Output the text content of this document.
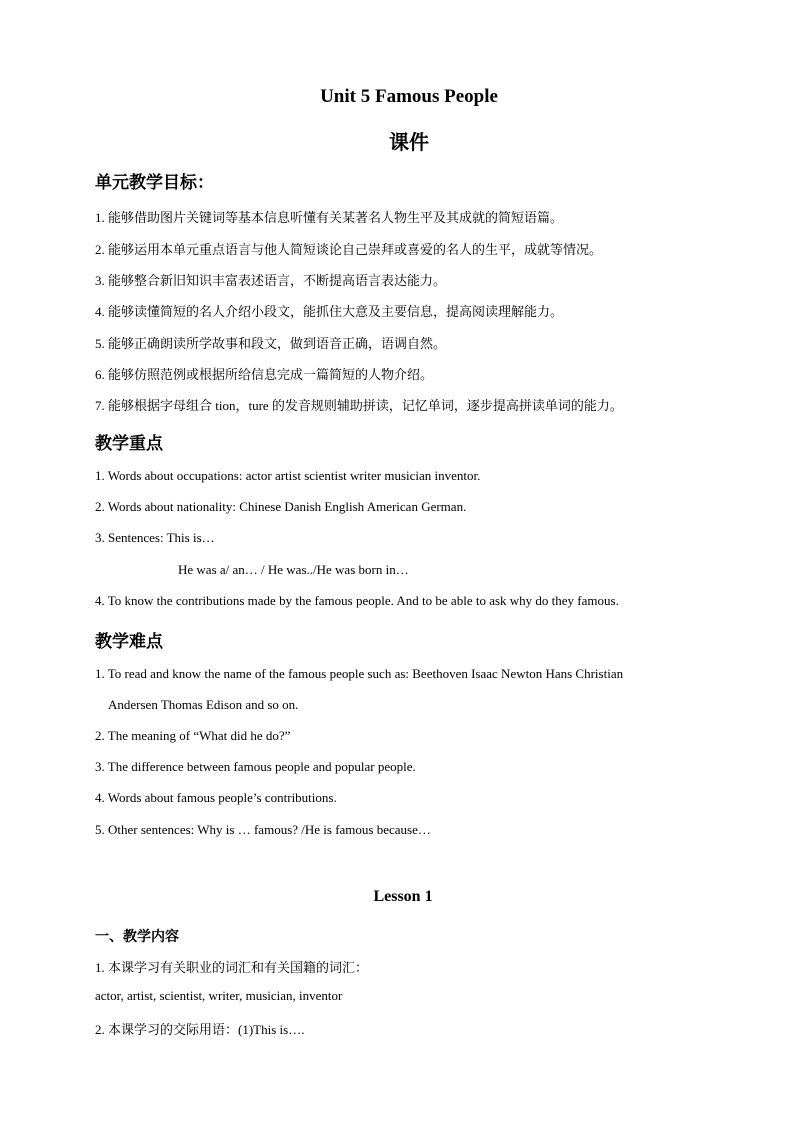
Unit 5 Famous People
课件
单元教学目标：
1. 能够借助图片关键词等基本信息听懂有关某著名人物生平及其成就的简短语篇。
2. 能够运用本单元重点语言与他人简短谈论自己崇拜或喜爱的名人的生平，成就等情况。
3. 能够整合新旧知识丰富表述语言，不断提高语言表达能力。
4. 能够读懂简短的名人介绍小段文，能抓住大意及主要信息，提高阅读理解能力。
5. 能够正确朗读所学故事和段文，做到语音正确，语调自然。
6. 能够仿照范例或根据所给信息完成一篇简短的人物介绍。
7. 能够根据字母组合 tion，ture 的发音规则辅助拼读，记忆单词，逐步提高拼读单词的能力。
教学重点
1. Words about occupations: actor artist scientist writer musician inventor.
2. Words about nationality: Chinese Danish English American German.
3. Sentences: This is…
He was a/ an… / He was../He was born in…
4. To know the contributions made by the famous people. And to be able to ask why do they famous.
教学难点
1. To read and know the name of the famous people such as: Beethoven Isaac Newton Hans Christian
Andersen Thomas Edison and so on.
2. The meaning of “What did he do?”
3. The difference between famous people and popular people.
4. Words about famous people’s contributions.
5. Other sentences: Why is … famous? /He is famous because…
Lesson 1
一、教学内容
1. 本课学习有关职业的词汇和有关国籍的词汇：
actor, artist, scientist, writer, musician, inventor
2. 本课学习的交际用语：(1)This is….
